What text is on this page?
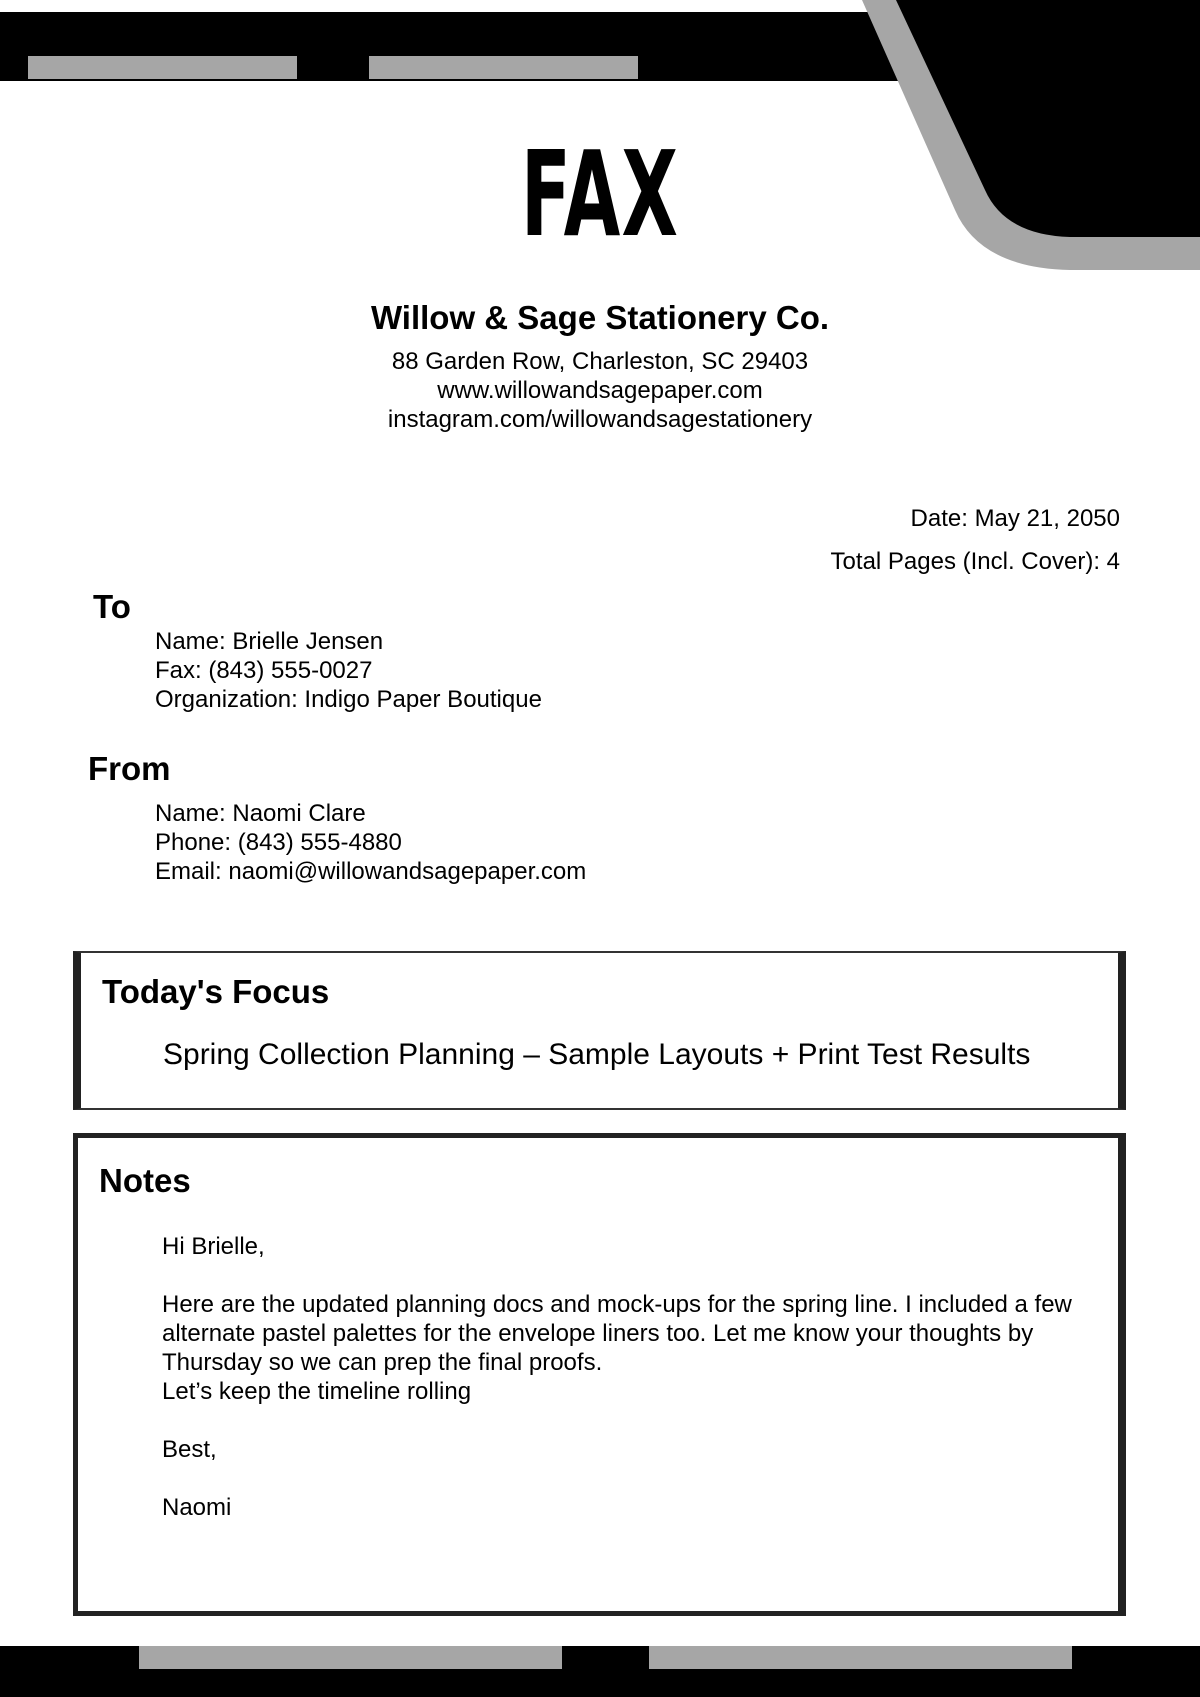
FAX
Willow & Sage Stationery Co.
88 Garden Row, Charleston, SC 29403
www.willowandsagepaper.com
instagram.com/willowandsagestationery
Date: May 21, 2050
Total Pages (Incl. Cover): 4
To
Name: Brielle Jensen
Fax: (843) 555-0027
Organization: Indigo Paper Boutique
From
Name: Naomi Clare
Phone: (843) 555-4880
Email: naomi@willowandsagepaper.com
Today's Focus
Spring Collection Planning – Sample Layouts + Print Test Results
Notes
Hi Brielle,

Here are the updated planning docs and mock-ups for the spring line. I included a few alternate pastel palettes for the envelope liners too. Let me know your thoughts by Thursday so we can prep the final proofs.
Let’s keep the timeline rolling

Best,

Naomi
